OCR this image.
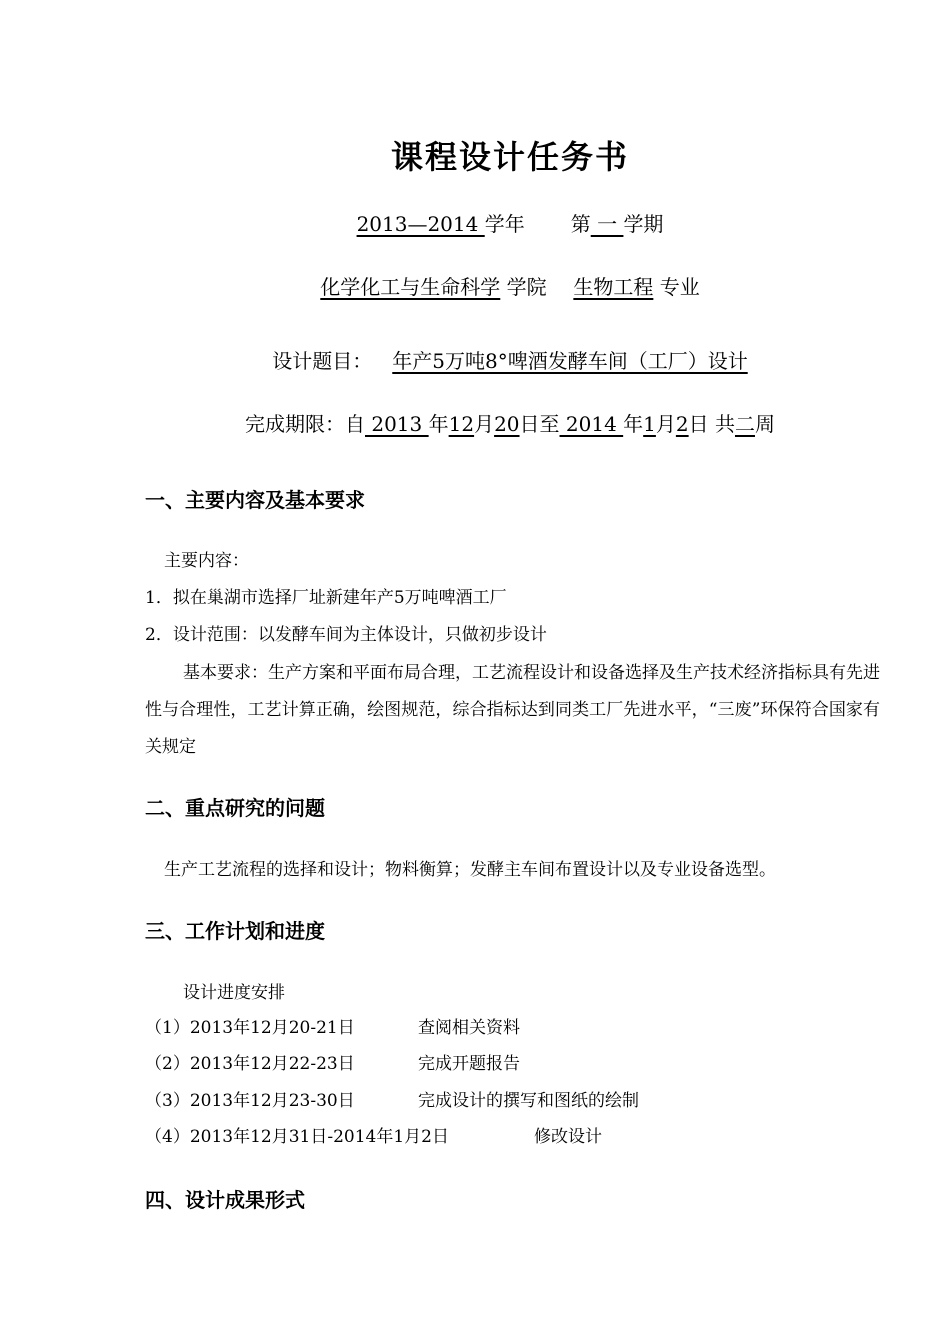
课程设计任务书
2013—2014 学年 第 一 学期
化学化工与生命科学 学院 生物工程 专业
设计题目： 年产5万吨8°啤酒发酵车间（工厂）设计
完成期限：自 2013 年12月20日至 2014 年1月2日 共二周
一、主要内容及基本要求
主要内容：
1．拟在巢湖市选择厂址新建年产5万吨啤酒工厂
2．设计范围：以发酵车间为主体设计，只做初步设计
基本要求：生产方案和平面布局合理，工艺流程设计和设备选择及生产技术经济指标具有先进性与合理性，工艺计算正确，绘图规范，综合指标达到同类工厂先进水平，“三废”环保符合国家有关规定
二、重点研究的问题
生产工艺流程的选择和设计；物料衡算；发酵主车间布置设计以及专业设备选型。
三、工作计划和进度
设计进度安排
（1）2013年12月20-21日	查阅相关资料
（2）2013年12月22-23日	完成开题报告
（3）2013年12月23-30日	完成设计的撰写和图纸的绘制
（4）2013年12月31日-2014年1月2日	修改设计
四、设计成果形式
